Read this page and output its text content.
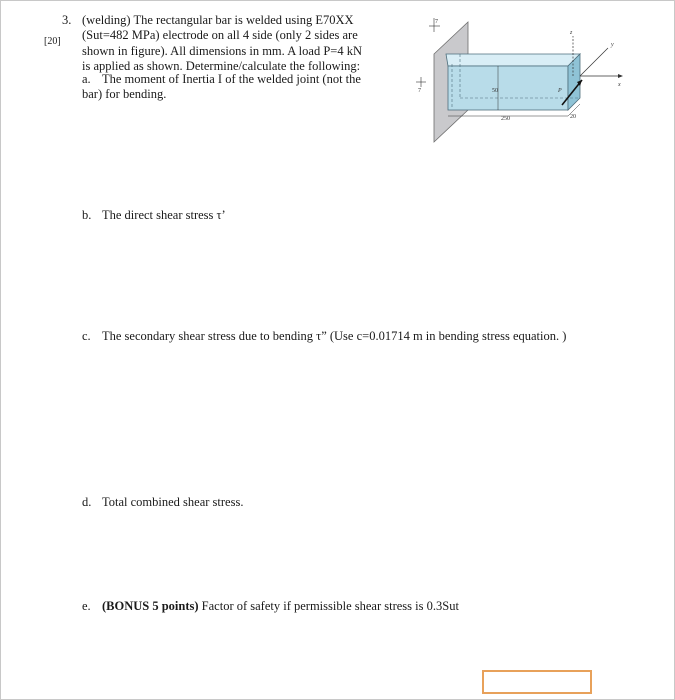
3.
[20]
(welding) The rectangular bar is welded using E70XX
(Sut=482 MPa) electrode on all 4 side (only 2 sides are
shown in figure). All dimensions in mm. A load P=4 kN
is applied as shown. Determine/calculate the following:
a. The moment of Inertia I of the welded joint (not the bar) for bending.
b. The direct shear stress τ’
c. The secondary shear stress due to bending τ” (Use c=0.01714 m in bending stress equation. )
d. Total combined shear stress.
e. (BONUS 5 points) Factor of safety if permissible shear stress is 0.3Sut
x
y
z
P
50
250	20
7
7
